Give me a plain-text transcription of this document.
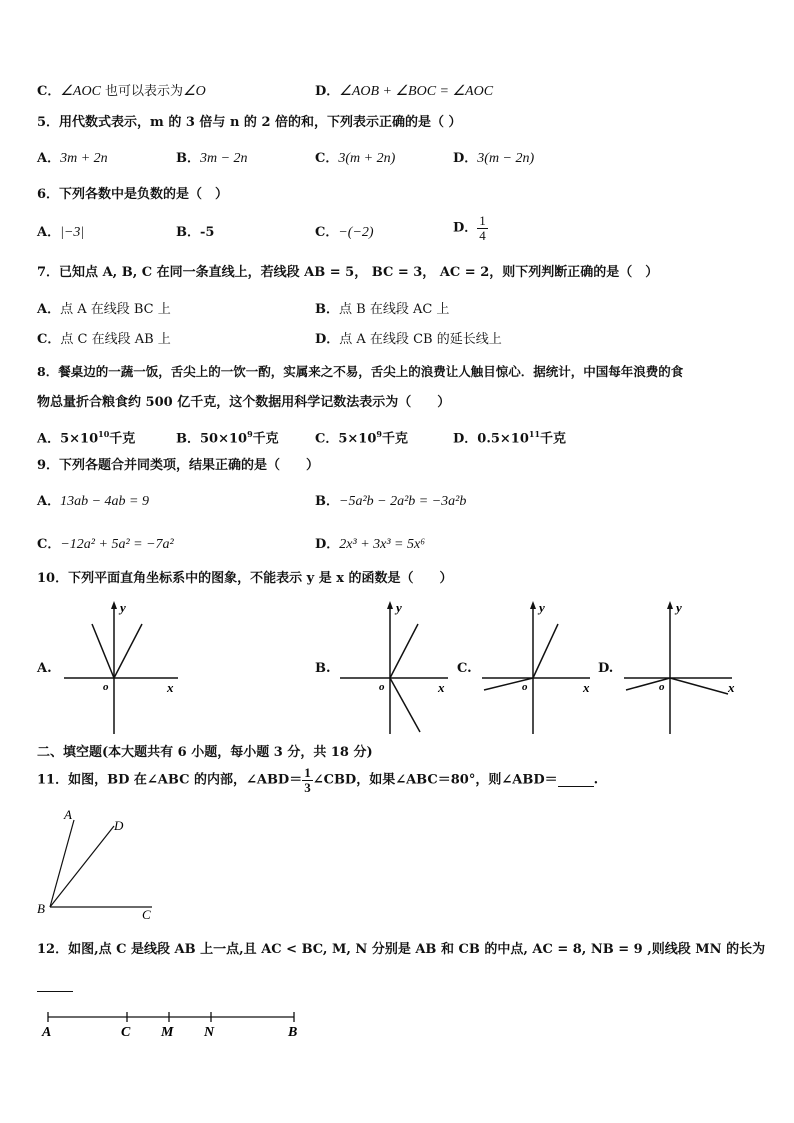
C．∠AOC 也可以表示为∠O	D．∠AOB + ∠BOC = ∠AOC
5．用代数式表示，m 的 3 倍与 n 的 2 倍的和，下列表示正确的是（ ）
A．3m + 2n	B．3m − 2n	C．3(m + 2n)	D．3(m − 2n)
6．下列各数中是负数的是（　）
A．|−3|	B．-5	C．−(−2)	D． $\frac{1}{4}$
7．已知点 A, B, C 在同一条直线上，若线段 AB = 5， BC = 3， AC = 2，则下列判断正确的是（　）
A．点 A 在线段 BC 上	B．点 B 在线段 AC 上
C．点 C 在线段 AB 上	D．点 A 在线段 CB 的延长线上
8．餐桌边的一蔬一饭，舌尖上的一饮一酌，实属来之不易，舌尖上的浪费让人触目惊心．据统计，中国每年浪费的食
物总量折合粮食约 500 亿千克，这个数据用科学记数法表示为（　　）
A．$5\times 10^{10}$千克	B．$50\times 10^9$千克	C．$5\times 10^9$千克	D．$0.5\times 10^{11}$千克
9．下列各题合并同类项，结果正确的是（　　）
A．13ab − 4ab = 9	B．−5a²b − 2a²b = −3a²b
C．−12a² + 5a² = −7a²	D．2x³ + 3x³ = 5x⁶
10．下列平面直角坐标系中的图象，不能表示 y 是 x 的函数是（　　）
A.
y
o	x
B.
y
o	x
C.
y
o	x
D.
y
o	x
二、填空题(本大题共有 6 小题，每小题 3 分，共 18 分)
11．如图，BD 在∠ABC 的内部，∠ABD＝ $\frac{1}{3}$ ∠CBD，如果∠ABC＝80°，则∠ABD＝	.
A
D
B	C
12．如图,点 C 是线段 AB 上一点,且 AC < BC, M, N 分别是 AB 和 CB 的中点, AC = 8, NB = 9 ,则线段 MN 的长为
A	C M N	B
